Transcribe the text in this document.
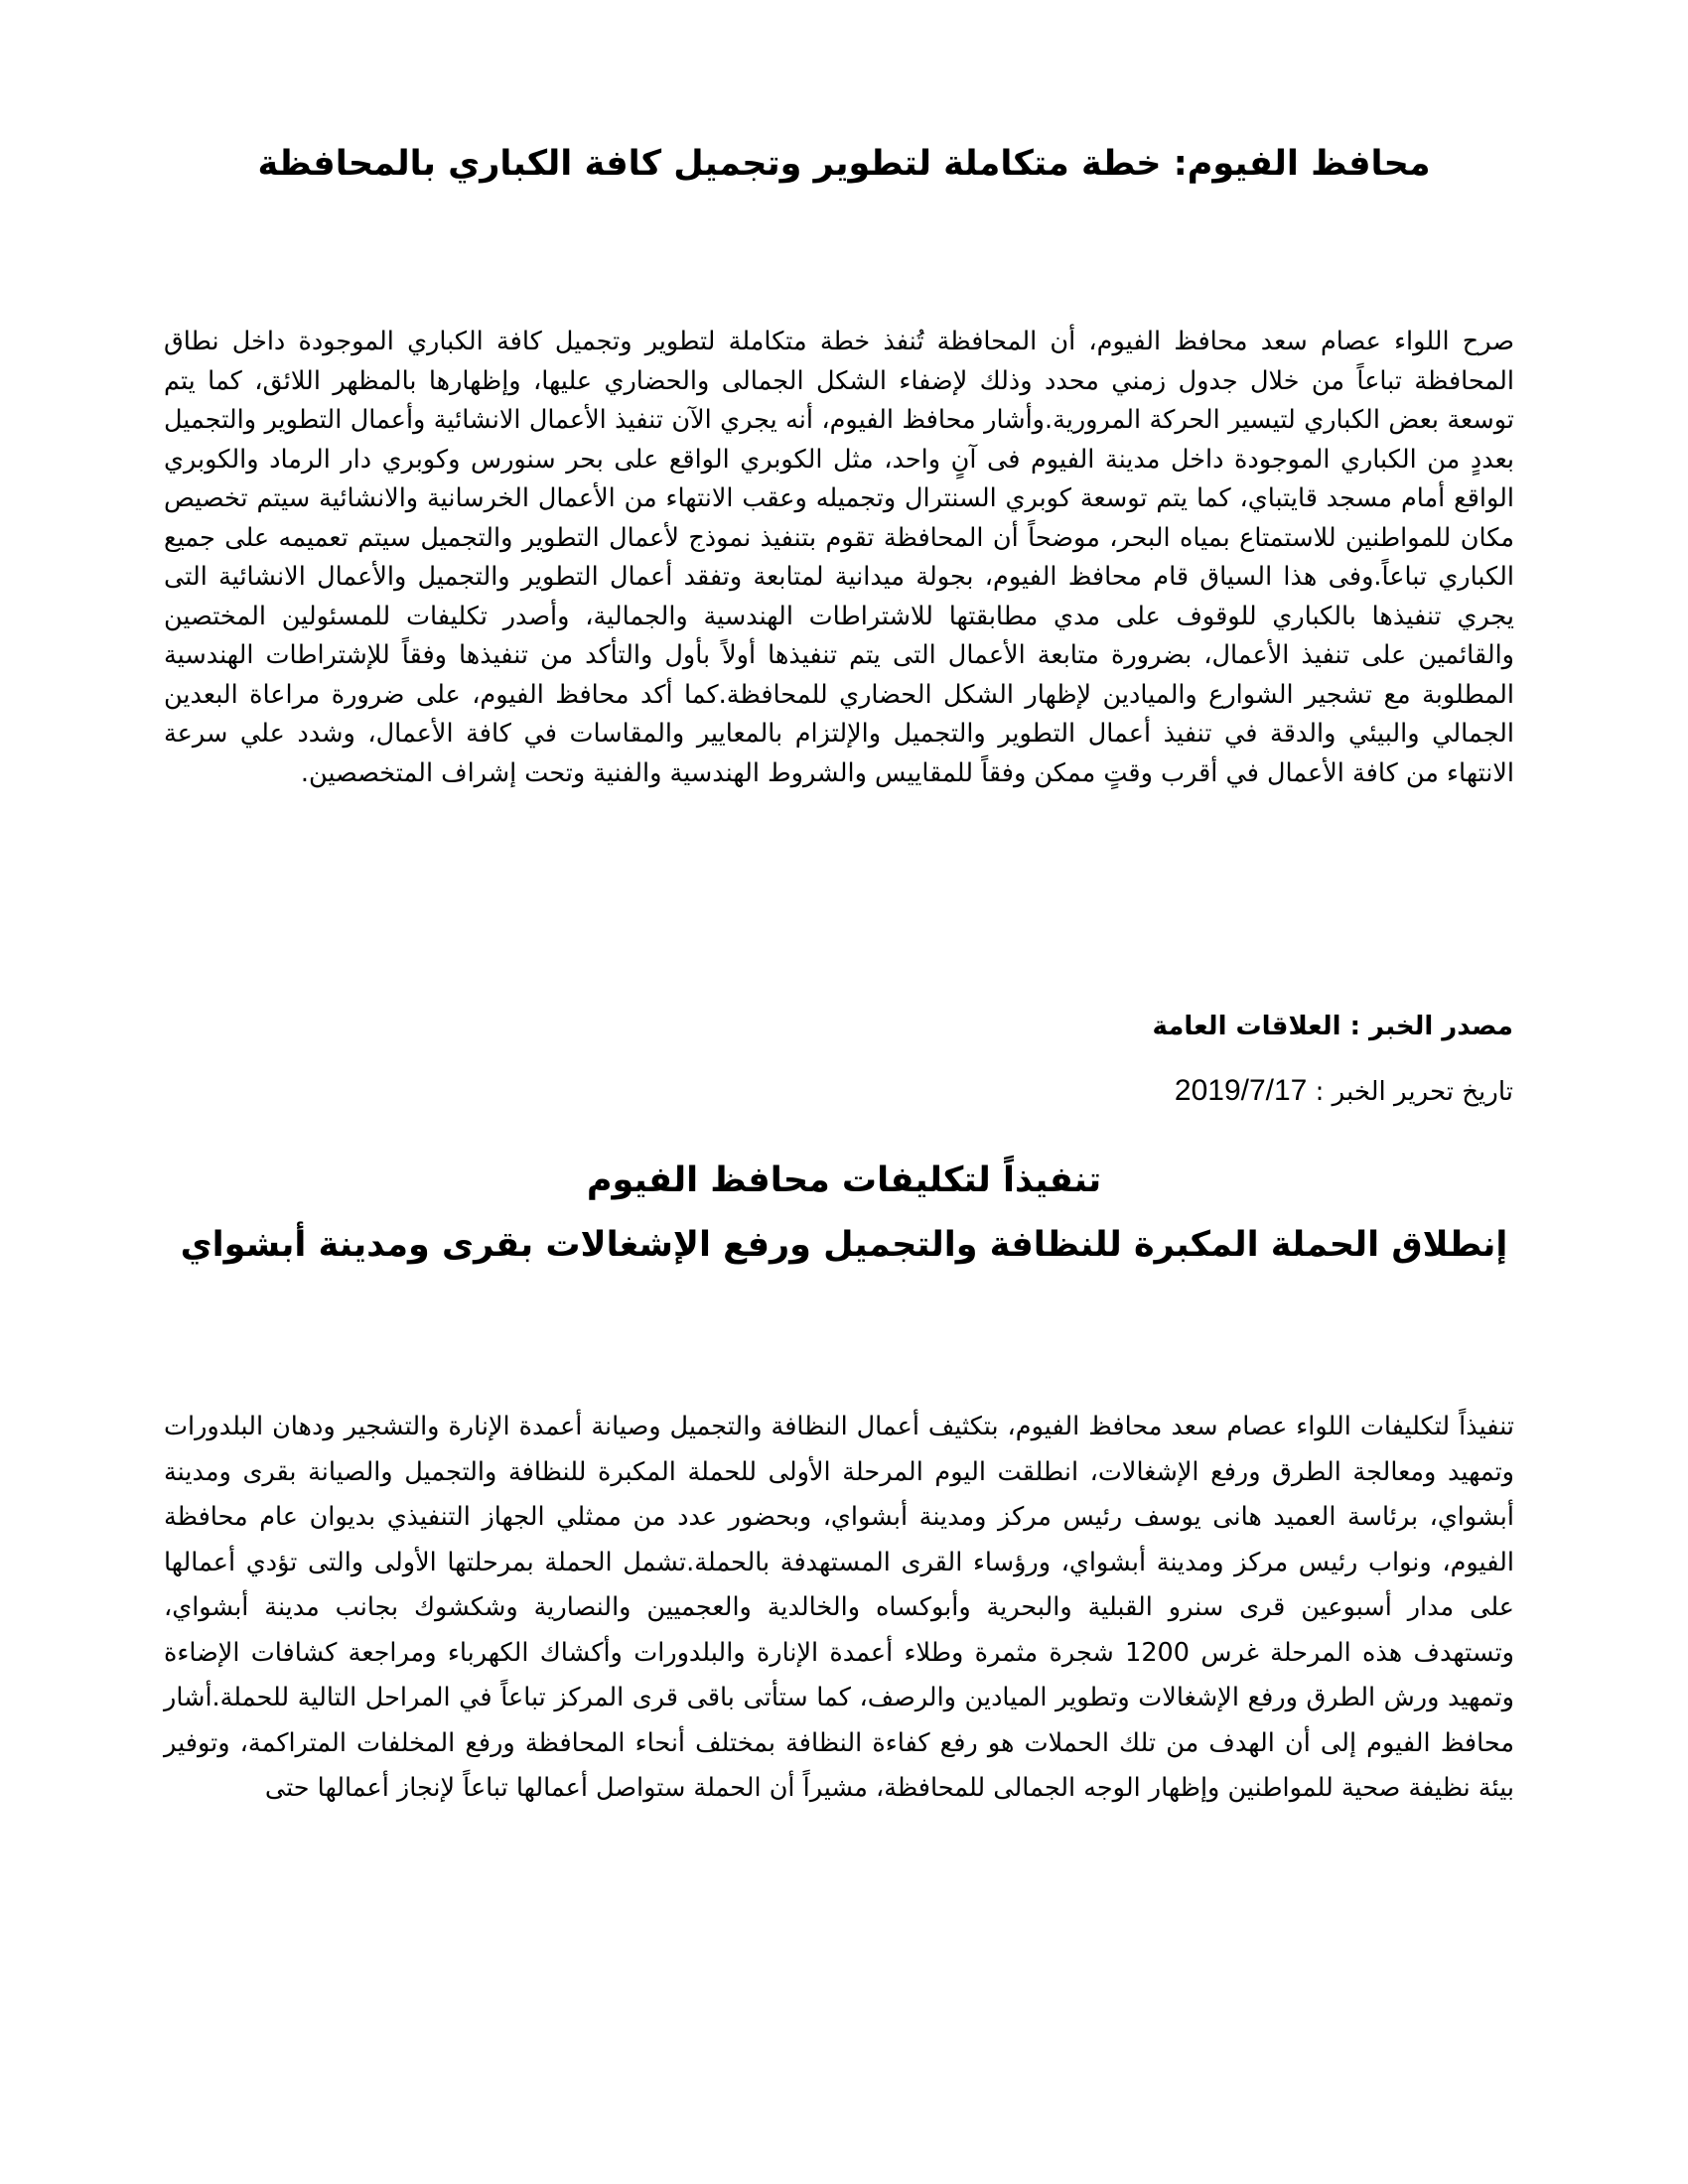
محافظ الفيوم: خطة متكاملة لتطوير وتجميل كافة الكباري بالمحافظة

صرح اللواء عصام سعد محافظ الفيوم، أن المحافظة تُنفذ خطة متكاملة لتطوير وتجميل كافة الكباري الموجودة داخل نطاق المحافظة تباعاً من خلال جدول زمني محدد وذلك لإضفاء الشكل الجمالى والحضاري عليها، وإظهارها بالمظهر اللائق، كما يتم توسعة بعض الكباري لتيسير الحركة المرورية.وأشار محافظ الفيوم، أنه يجري الآن تنفيذ الأعمال الانشائية وأعمال التطوير والتجميل بعددٍ من الكباري الموجودة داخل مدينة الفيوم فى آنٍ واحد، مثل الكوبري الواقع على بحر سنورس وكوبري دار الرماد والكوبري الواقع أمام مسجد قايتباي، كما يتم توسعة كوبري السنترال وتجميله وعقب الانتهاء من الأعمال الخرسانية والانشائية سيتم تخصيص مكان للمواطنين للاستمتاع بمياه البحر، موضحاً أن المحافظة تقوم بتنفيذ نموذج لأعمال التطوير والتجميل سيتم تعميمه على جميع الكباري تباعاً.وفى هذا السياق قام محافظ الفيوم، بجولة ميدانية لمتابعة وتفقد أعمال التطوير والتجميل والأعمال الانشائية التى يجري تنفيذها بالكباري للوقوف على مدي مطابقتها للاشتراطات الهندسية والجمالية، وأصدر تكليفات للمسئولين المختصين والقائمين على تنفيذ الأعمال، بضرورة متابعة الأعمال التى يتم تنفيذها أولاً بأول والتأكد من تنفيذها وفقاً للإشتراطات الهندسية المطلوبة مع تشجير الشوارع والميادين لإظهار الشكل الحضاري للمحافظة.كما أكد محافظ الفيوم، على ضرورة مراعاة البعدين الجمالي والبيئي والدقة في تنفيذ أعمال التطوير والتجميل والإلتزام بالمعايير والمقاسات في كافة الأعمال، وشدد علي سرعة الانتهاء من كافة الأعمال في أقرب وقتٍ ممكن وفقاً للمقاييس والشروط الهندسية والفنية وتحت إشراف المتخصصين.

مصدر الخبر : العلاقات العامة

تاريخ تحرير الخبر : 2019/7/17

تنفيذاً لتكليفات محافظ الفيوم
إنطلاق الحملة المكبرة للنظافة والتجميل ورفع الإشغالات بقرى ومدينة أبشواي

تنفيذاً لتكليفات اللواء عصام سعد محافظ الفيوم، بتكثيف أعمال النظافة والتجميل وصيانة أعمدة الإنارة والتشجير ودهان البلدورات وتمهيد ومعالجة الطرق ورفع الإشغالات، انطلقت اليوم المرحلة الأولى للحملة المكبرة للنظافة والتجميل والصيانة بقرى ومدينة أبشواي، برئاسة العميد هانى يوسف رئيس مركز ومدينة أبشواي، وبحضور عدد من ممثلي الجهاز التنفيذي بديوان عام محافظة الفيوم، ونواب رئيس مركز ومدينة أبشواي، ورؤساء القرى المستهدفة بالحملة.تشمل الحملة بمرحلتها الأولى والتى تؤدي أعمالها على مدار أسبوعين قرى سنرو القبلية والبحرية وأبوكساه والخالدية والعجميين والنصارية وشكشوك بجانب مدينة أبشواي، وتستهدف هذه المرحلة غرس 1200 شجرة مثمرة وطلاء أعمدة الإنارة والبلدورات وأكشاك الكهرباء ومراجعة كشافات الإضاءة وتمهيد ورش الطرق ورفع الإشغالات وتطوير الميادين والرصف، كما ستأتى باقى قرى المركز تباعاً في المراحل التالية للحملة.أشار محافظ الفيوم إلى أن الهدف من تلك الحملات هو رفع كفاءة النظافة بمختلف أنحاء المحافظة ورفع المخلفات المتراكمة، وتوفير بيئة نظيفة صحية للمواطنين وإظهار الوجه الجمالى للمحافظة، مشيراً أن الحملة ستواصل أعمالها تباعاً لإنجاز أعمالها حتى
